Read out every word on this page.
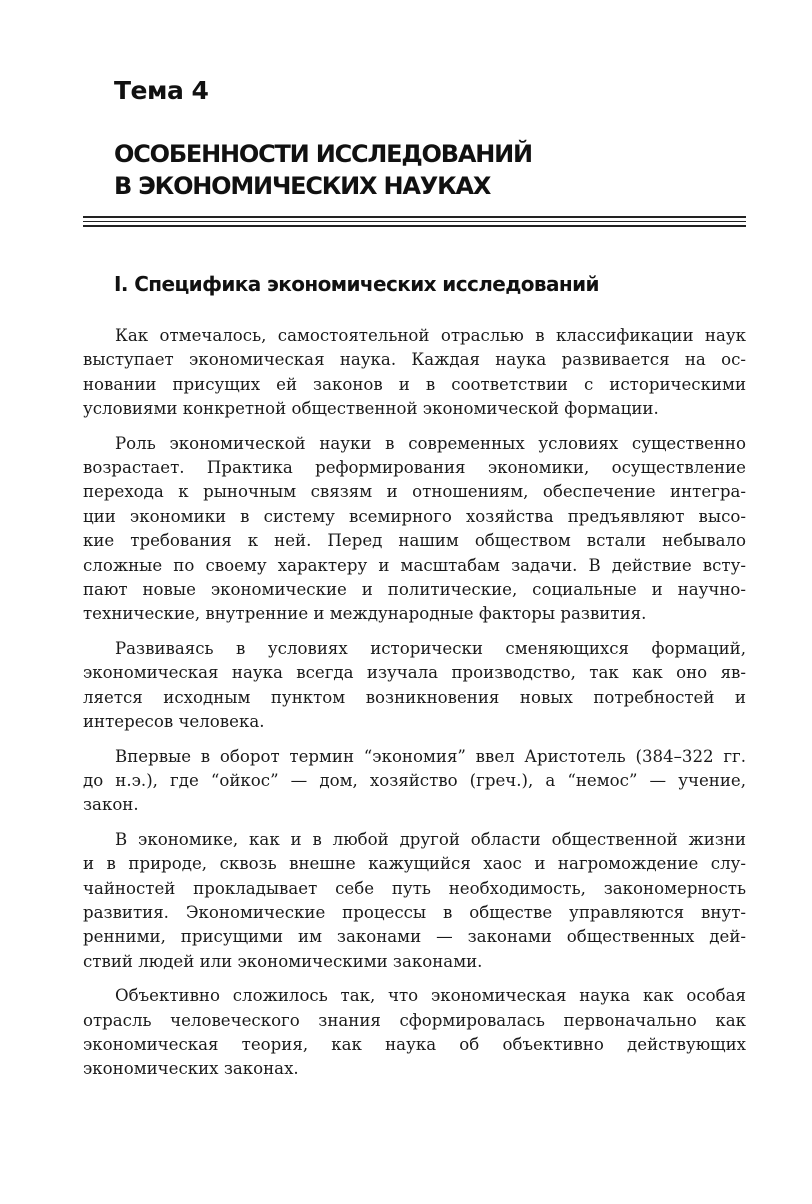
Тема 4
ОСОБЕННОСТИ ИССЛЕДОВАНИЙ
В ЭКОНОМИЧЕСКИХ НАУКАХ
I. Специфика экономических исследований

Как отмечалось, самостоятельной отраслью в классификации наук
выступает экономическая наука. Каждая наука развивается на ос-
новании присущих ей законов и в соответствии с историческими
условиями конкретной общественной экономической формации.

Роль экономической науки в современных условиях существенно
возрастает. Практика реформирования экономики, осуществление
перехода к рыночным связям и отношениям, обеспечение интегра-
ции экономики в систему всемирного хозяйства предъявляют высо-
кие требования к ней. Перед нашим обществом встали небывало
сложные по своему характеру и масштабам задачи. В действие всту-
пают новые экономические и политические, социальные и научно-
технические, внутренние и международные факторы развития.

Развиваясь в условиях исторически сменяющихся формаций,
экономическая наука всегда изучала производство, так как оно яв-
ляется исходным пунктом возникновения новых потребностей и
интересов человека.

Впервые в оборот термин “экономия” ввел Аристотель (384–322 гг.
до н.э.), где “ойкос” — дом, хозяйство (греч.), а “немос” — учение,
закон.

В экономике, как и в любой другой области общественной жизни
и в природе, сквозь внешне кажущийся хаос и нагромождение слу-
чайностей прокладывает себе путь необходимость, закономерность
развития. Экономические процессы в обществе управляются внут-
ренними, присущими им законами — законами общественных дей-
ствий людей или экономическими законами.

Объективно сложилось так, что экономическая наука как особая
отрасль человеческого знания сформировалась первоначально как
экономическая теория, как наука об объективно действующих
экономических законах.
